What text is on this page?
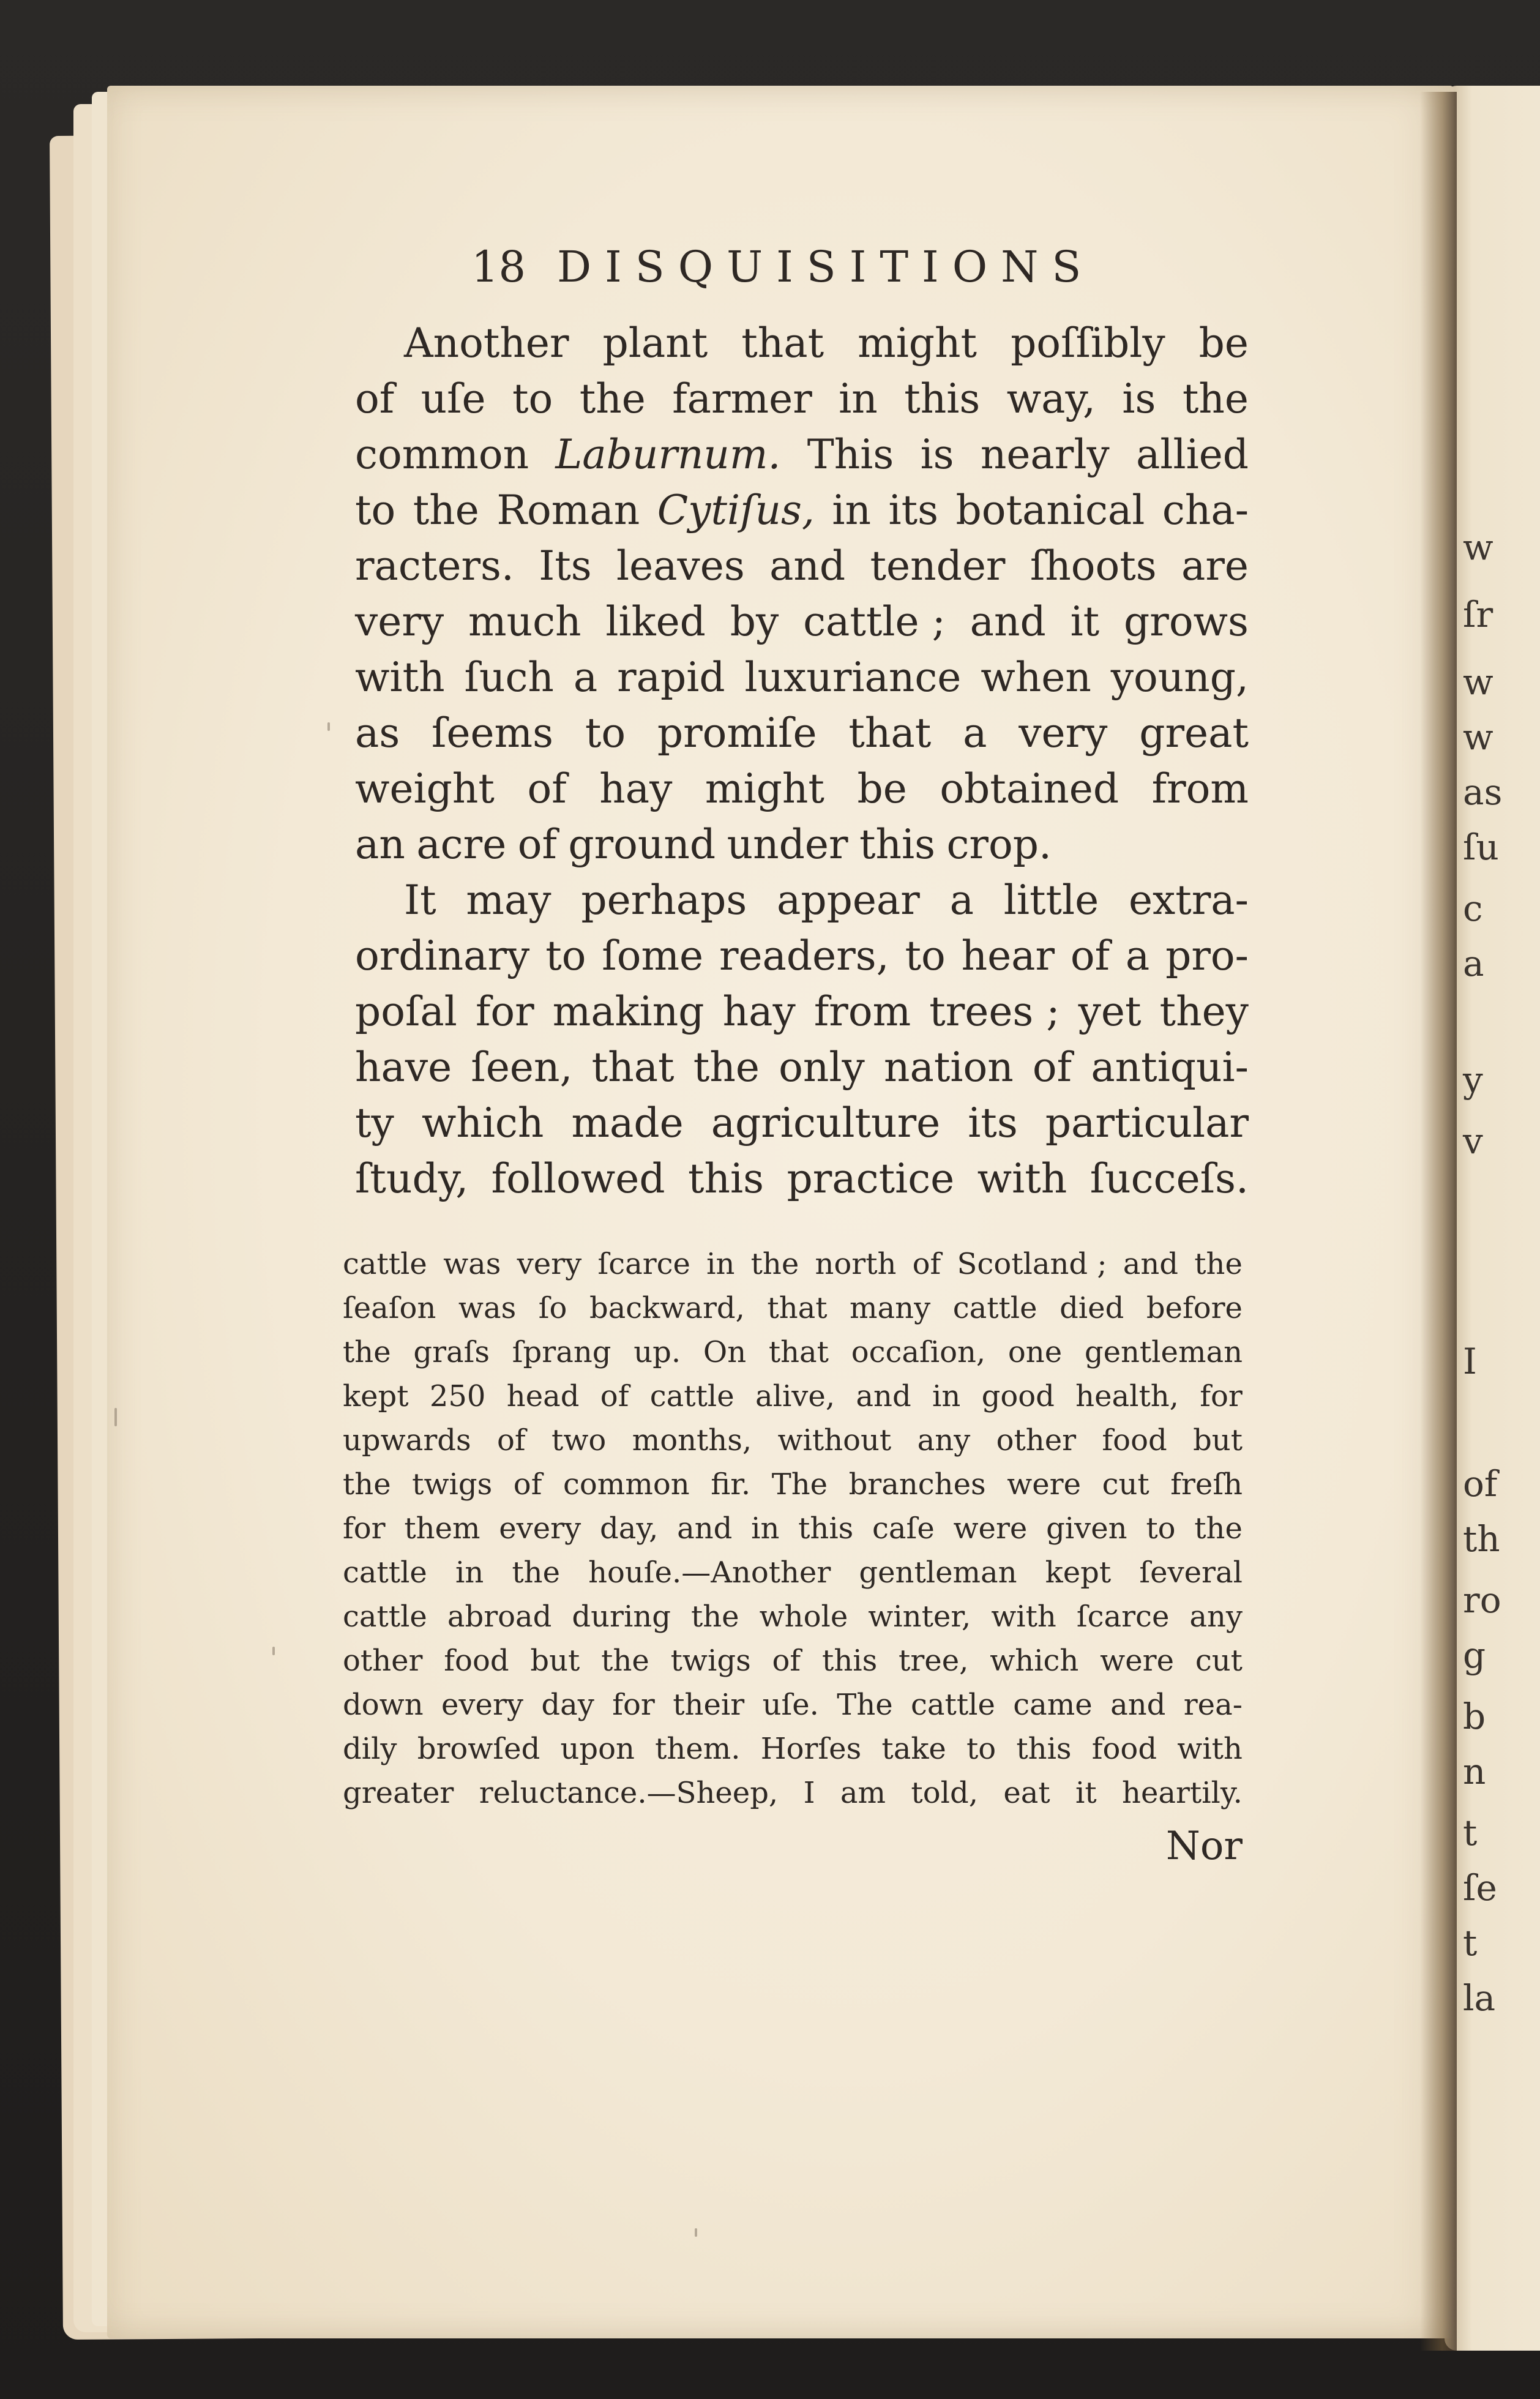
w
ſr
w
w
as
ſu
c
a
y
v
I
of
th
ro
g
b
n
t
ſe
t
la
18 DISQUISITIONS
Another plant that might poſſibly be
of uſe to the farmer in this way, is the
common Laburnum. This is nearly allied
to the Roman Cytiſus, in its botanical cha-
racters. Its leaves and tender ſhoots are
very much liked by cattle ; and it grows
with ſuch a rapid luxuriance when young,
as ſeems to promiſe that a very great
weight of hay might be obtained from
an acre of ground under this crop.
It may perhaps appear a little extra-
ordinary to ſome readers, to hear of a pro-
poſal for making hay from trees ; yet they
have ſeen, that the only nation of antiqui-
ty which made agriculture its particular
ſtudy, followed this practice with ſucceſs.
cattle was very ſcarce in the north of Scotland ; and the
ſeaſon was ſo backward, that many cattle died before
the graſs ſprang up. On that occaſion, one gentleman
kept 250 head of cattle alive, and in good health, for
upwards of two months, without any other food but
the twigs of common fir. The branches were cut freſh
for them every day, and in this caſe were given to the
cattle in the houſe.—Another gentleman kept ſeveral
cattle abroad during the whole winter, with ſcarce any
other food but the twigs of this tree, which were cut
down every day for their uſe. The cattle came and rea-
dily browſed upon them. Horſes take to this food with
greater reluctance.—Sheep, I am told, eat it heartily.
Nor
